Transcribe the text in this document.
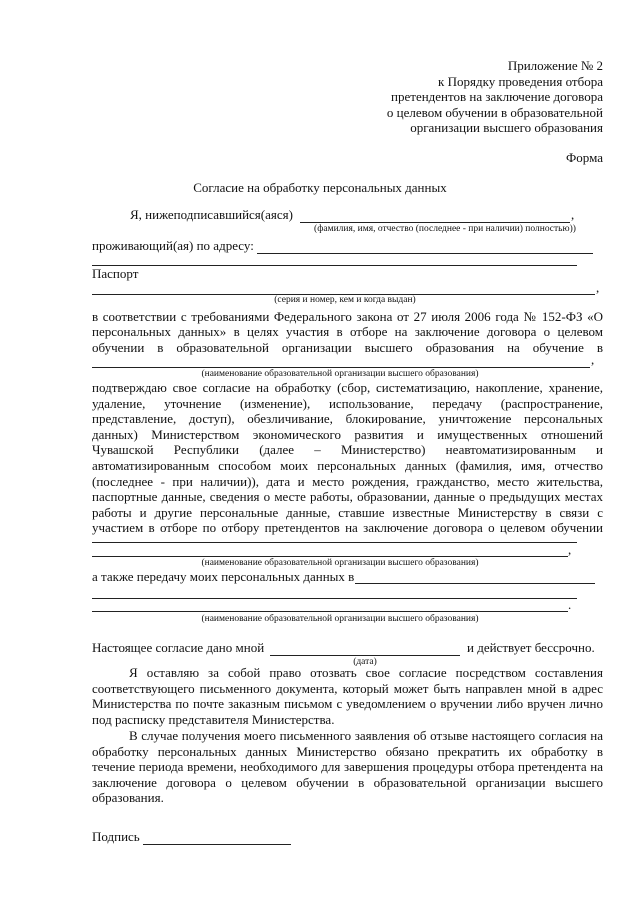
Приложение № 2
к Порядку проведения отбора
претендентов на заключение договора
о целевом обучении в образовательной
организации высшего образования
Форма
Согласие на обработку персональных данных
Я, нижеподписавшийся(аяся)	,
(фамилия, имя, отчество (последнее - при наличии) полностью))
проживающий(ая) по адресу:
Паспорт
,
(серия и номер, кем и когда выдан)
в соответствии с требованиями Федерального закона от 27 июля 2006 года № 152-ФЗ «О
персональных данных» в целях участия в отборе на заключение договора о целевом
обучении в образовательной организации высшего образования на обучение в
,
(наименование образовательной организации высшего образования)
подтверждаю свое согласие на обработку (сбор, систематизацию, накопление, хранение,
удаление, уточнение (изменение), использование, передачу (распространение,
представление, доступ), обезличивание, блокирование, уничтожение персональных
данных) Министерством экономического развития и имущественных отношений
Чувашской Республики (далее – Министерство) неавтоматизированным и
автоматизированным способом моих персональных данных (фамилия, имя, отчество
(последнее - при наличии)), дата и место рождения, гражданство, место жительства,
паспортные данные, сведения о месте работы, образовании, данные о предыдущих местах
работы и другие персональные данные, ставшие известные Министерству в связи с
участием в отборе по отбору претендентов на заключение договора о целевом обучении
,
(наименование образовательной организации высшего образования)
а также передачу моих персональных данных в
.
(наименование образовательной организации высшего образования)
Настоящее согласие дано мной	и действует бессрочно.
(дата)
Я оставляю за собой право отозвать свое согласие посредством составления
соответствующего письменного документа, который может быть направлен мной в адрес
Министерства по почте заказным письмом с уведомлением о вручении либо вручен лично
под расписку представителя Министерства.
В случае получения моего письменного заявления об отзыве настоящего согласия на
обработку персональных данных Министерство обязано прекратить их обработку в
течение периода времени, необходимого для завершения процедуры отбора претендента на
заключение договора о целевом обучении в образовательной организации высшего
образования.
Подпись
